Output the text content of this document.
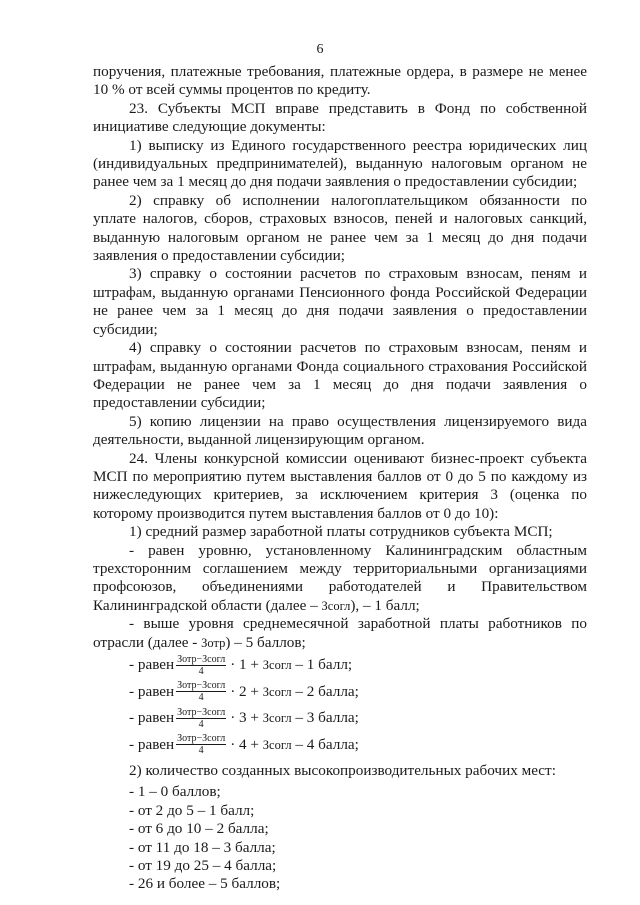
6

поручения, платежные требования, платежные ордера, в размере не менее 10 % от всей суммы процентов по кредиту.

23. Субъекты МСП вправе представить в Фонд по собственной инициативе следующие документы:

1) выписку из Единого государственного реестра юридических лиц (индивидуальных предпринимателей), выданную налоговым органом не ранее чем за 1 месяц до дня подачи заявления о предоставлении субсидии;

2) справку об исполнении налогоплательщиком обязанности по уплате налогов, сборов, страховых взносов, пеней и налоговых санкций, выданную налоговым органом не ранее чем за 1 месяц до дня подачи заявления о предоставлении субсидии;

3) справку о состоянии расчетов по страховым взносам, пеням и штрафам, выданную органами Пенсионного фонда Российской Федерации не ранее чем за 1 месяц до дня подачи заявления о предоставлении субсидии;

4) справку о состоянии расчетов по страховым взносам, пеням и штрафам, выданную органами Фонда социального страхования Российской Федерации не ранее чем за 1 месяц до дня подачи заявления о предоставлении субсидии;

5) копию лицензии на право осуществления лицензируемого вида деятельности, выданной лицензирующим органом.

24. Члены конкурсной комиссии оценивают бизнес-проект субъекта МСП по мероприятию путем выставления баллов от 0 до 5 по каждому из нижеследующих критериев, за исключением критерия 3 (оценка по которому производится путем выставления баллов от 0 до 10):

1) средний размер заработной платы сотрудников субъекта МСП;

- равен уровню, установленному Калининградским областным трехсторонним соглашением между территориальными организациями профсоюзов, объединениями работодателей и Правительством Калининградской области (далее – Зсогл), – 1 балл;

- выше уровня среднемесячной заработной платы работников по отрасли (далее - Зотр) – 5 баллов;

- равен $\frac{\text{Зотр−Зсогл}}{4} \cdot 1$ + Зсогл – 1 балл;
- равен $\frac{\text{Зотр−Зсогл}}{4} \cdot 2$ + Зсогл – 2 балла;
- равен $\frac{\text{Зотр−Зсогл}}{4} \cdot 3$ + Зсогл – 3 балла;
- равен $\frac{\text{Зотр−Зсогл}}{4} \cdot 4$ + Зсогл – 4 балла;

2) количество созданных высокопроизводительных рабочих мест:

- 1 – 0 баллов;

- от 2 до 5 – 1 балл;

- от 6 до 10 – 2 балла;

- от 11 до 18 – 3 балла;

- от 19 до 25 – 4 балла;

- 26 и более – 5 баллов;
